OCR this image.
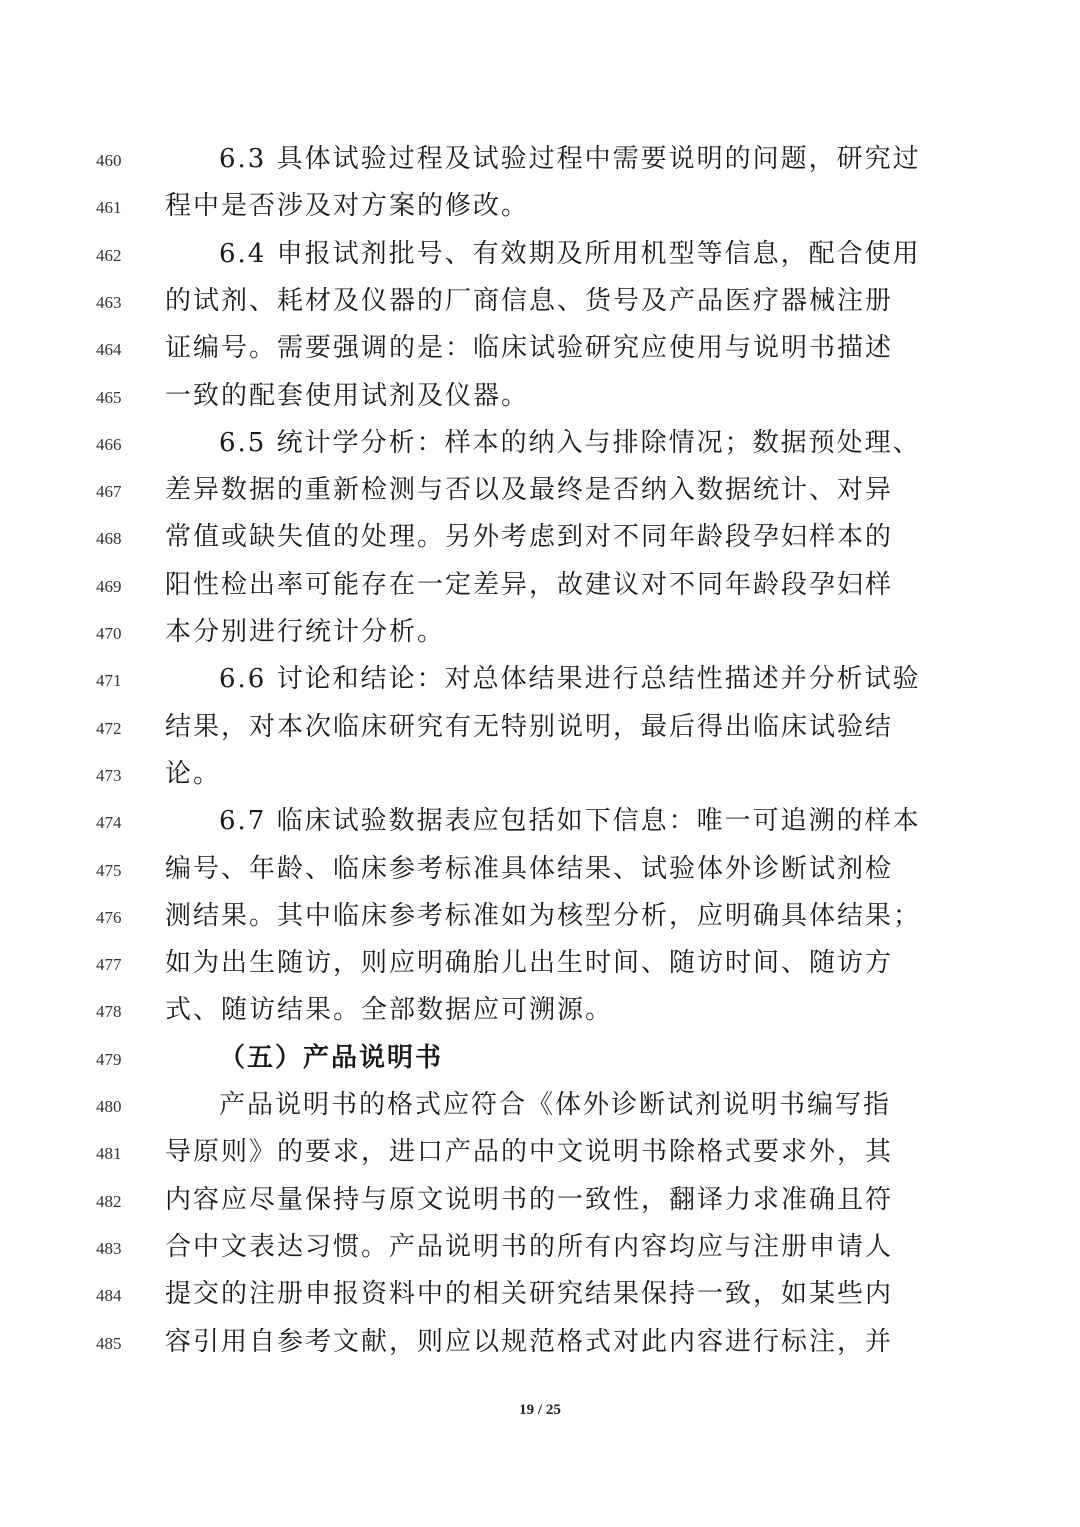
460	6.3 具体试验过程及试验过程中需要说明的问题，研究过
461	程中是否涉及对方案的修改。
462	6.4 申报试剂批号、有效期及所用机型等信息，配合使用
463	的试剂、耗材及仪器的厂商信息、货号及产品医疗器械注册
464	证编号。需要强调的是：临床试验研究应使用与说明书描述
465	一致的配套使用试剂及仪器。
466	6.5 统计学分析：样本的纳入与排除情况；数据预处理、
467	差异数据的重新检测与否以及最终是否纳入数据统计、对异
468	常值或缺失值的处理。另外考虑到对不同年龄段孕妇样本的
469	阳性检出率可能存在一定差异，故建议对不同年龄段孕妇样
470	本分别进行统计分析。
471	6.6 讨论和结论：对总体结果进行总结性描述并分析试验
472	结果，对本次临床研究有无特别说明，最后得出临床试验结
473	论。
474	6.7 临床试验数据表应包括如下信息：唯一可追溯的样本
475	编号、年龄、临床参考标准具体结果、试验体外诊断试剂检
476	测结果。其中临床参考标准如为核型分析，应明确具体结果；
477	如为出生随访，则应明确胎儿出生时间、随访时间、随访方
478	式、随访结果。全部数据应可溯源。
479	（五）产品说明书
480	产品说明书的格式应符合《体外诊断试剂说明书编写指
481	导原则》的要求，进口产品的中文说明书除格式要求外，其
482	内容应尽量保持与原文说明书的一致性，翻译力求准确且符
483	合中文表达习惯。产品说明书的所有内容均应与注册申请人
484	提交的注册申报资料中的相关研究结果保持一致，如某些内
485	容引用自参考文献，则应以规范格式对此内容进行标注，并
19 / 25
